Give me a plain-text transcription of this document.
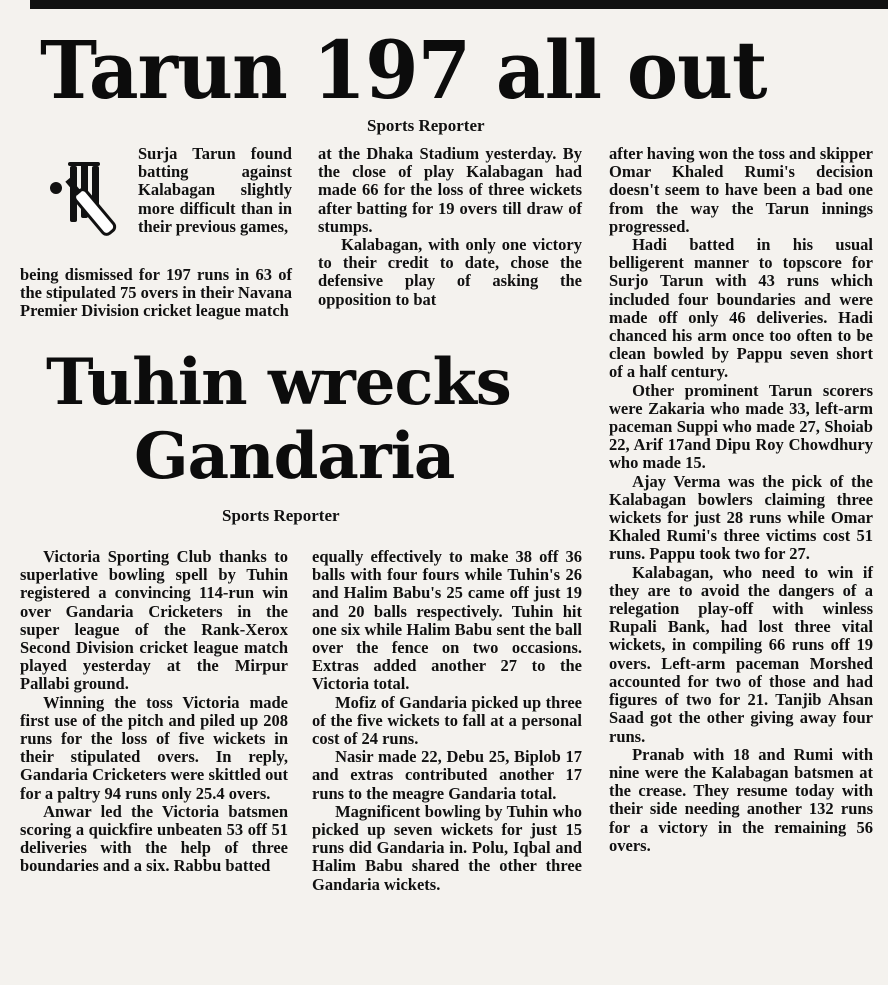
Tarun 197 all out
Sports Reporter

Surja Tarun found batting against Kalabagan slightly more difficult than in their previous games,

being dismissed for 197 runs in 63 of the stipulated 75 overs in their Navana Premier Division cricket league match

at the Dhaka Stadium yesterday. By the close of play Kalabagan had made 66 for the loss of three wickets after batting for 19 overs till draw of stumps.

Kalabagan, with only one victory to their credit to date, chose the defensive play of asking the opposition to bat

after having won the toss and skipper Omar Khaled Rumi's decision doesn't seem to have been a bad one from the way the Tarun innings progressed.

Hadi batted in his usual belligerent manner to topscore for Surjo Tarun with 43 runs which included four boundaries and were made off only 46 deliveries. Hadi chanced his arm once too often to be clean bowled by Pappu seven short of a half century.

Other prominent Tarun scorers were Zakaria who made 33, left-arm paceman Suppi who made 27, Shoiab 22, Arif 17and Dipu Roy Chowdhury who made 15.

Ajay Verma was the pick of the Kalabagan bowlers claiming three wickets for just 28 runs while Omar Khaled Rumi's three victims cost 51 runs. Pappu took two for 27.

Kalabagan, who need to win if they are to avoid the dangers of a relegation play-off with winless Rupali Bank, had lost three vital wickets, in compiling 66 runs off 19 overs. Left-arm paceman Morshed accounted for two of those and had figures of two for 21. Tanjib Ahsan Saad got the other giving away four runs.

Pranab with 18 and Rumi with nine were the Kalabagan batsmen at the crease. They resume today with their side needing another 132 runs for a victory in the remaining 56 overs.

Tuhin wrecks
Gandaria
Sports Reporter

Victoria Sporting Club thanks to superlative bowling spell by Tuhin registered a convincing 114-run win over Gandaria Cricketers in the super league of the Rank-Xerox Second Division cricket league match played yesterday at the Mirpur Pallabi ground.

Winning the toss Victoria made first use of the pitch and piled up 208 runs for the loss of five wickets in their stipulated overs. In reply, Gandaria Cricketers were skittled out for a paltry 94 runs only 25.4 overs.

Anwar led the Victoria batsmen scoring a quickfire unbeaten 53 off 51 deliveries with the help of three boundaries and a six. Rabbu batted

equally effectively to make 38 off 36 balls with four fours while Tuhin's 26 and Halim Babu's 25 came off just 19 and 20 balls respectively. Tuhin hit one six while Halim Babu sent the ball over the fence on two occasions. Extras added another 27 to the Victoria total.

Mofiz of Gandaria picked up three of the five wickets to fall at a personal cost of 24 runs.

Nasir made 22, Debu 25, Biplob 17 and extras contributed another 17 runs to the meagre Gandaria total.

Magnificent bowling by Tuhin who picked up seven wickets for just 15 runs did Gandaria in. Polu, Iqbal and Halim Babu shared the other three Gandaria wickets.
